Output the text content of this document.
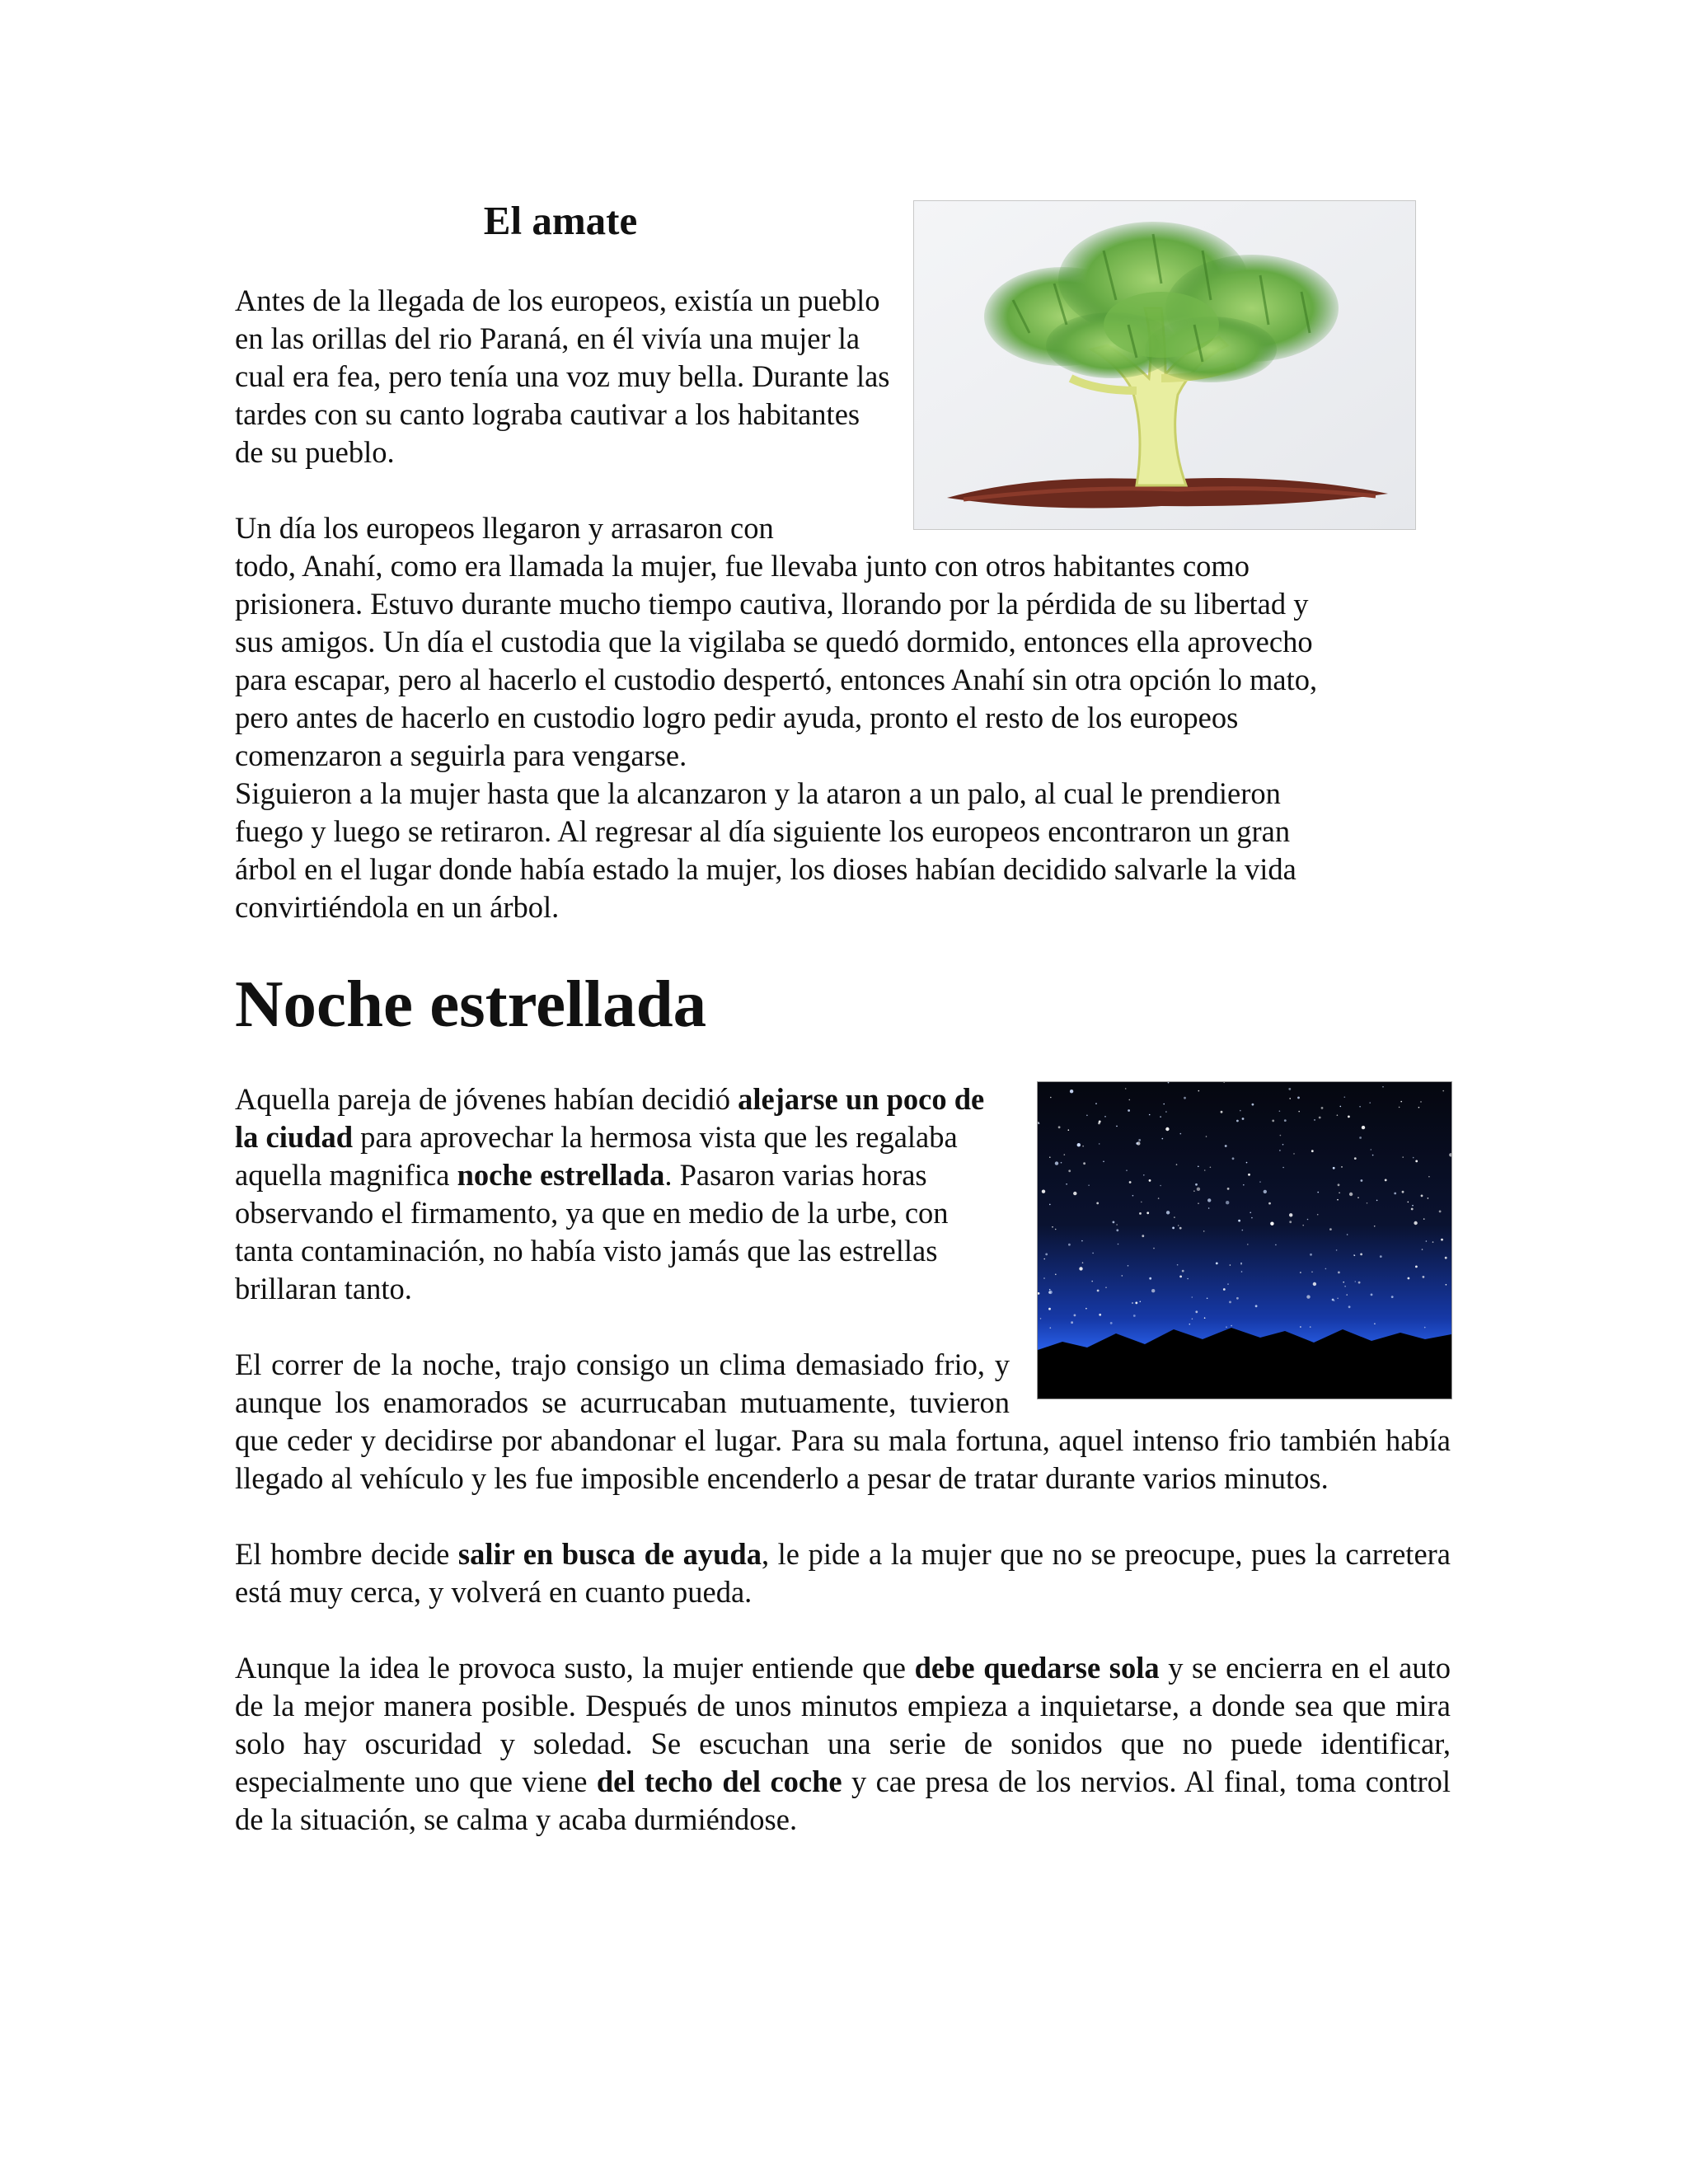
El amate

Antes de la llegada de los europeos, existía un pueblo en las orillas del rio Paraná, en él vivía una mujer la cual era fea, pero tenía una voz muy bella. Durante las tardes con su canto lograba cautivar a los habitantes de su pueblo.

Un día los europeos llegaron y arrasaron con
todo, Anahí, como era llamada la mujer, fue llevaba junto con otros habitantes como
prisionera. Estuvo durante mucho tiempo cautiva, llorando por la pérdida de su libertad y
sus amigos. Un día el custodia que la vigilaba se quedó dormido, entonces ella aprovecho
para escapar, pero al hacerlo el custodio despertó, entonces Anahí sin otra opción lo mato,
pero antes de hacerlo en custodio logro pedir ayuda, pronto el resto de los europeos
comenzaron a seguirla para vengarse.
Siguieron a la mujer hasta que la alcanzaron y la ataron a un palo, al cual le prendieron
fuego y luego se retiraron. Al regresar al día siguiente los europeos encontraron un gran
árbol en el lugar donde había estado la mujer, los dioses habían decidido salvarle la vida
convirtiéndola en un árbol.
Noche estrellada

Aquella pareja de jóvenes habían decidió alejarse un poco de la ciudad para aprovechar la hermosa vista que les regalaba aquella magnifica noche estrellada. Pasaron varias horas observando el firmamento, ya que en medio de la urbe, con tanta contaminación, no había visto jamás que las estrellas brillaran tanto.

El correr de la noche, trajo consigo un clima demasiado frio, y aunque los enamorados se acurrucaban mutuamente, tuvieron que ceder y decidirse por abandonar el lugar. Para su mala fortuna, aquel intenso frio también había llegado al vehículo y les fue imposible encenderlo a pesar de tratar durante varios minutos.

El hombre decide salir en busca de ayuda, le pide a la mujer que no se preocupe, pues la carretera está muy cerca, y volverá en cuanto pueda.

Aunque la idea le provoca susto, la mujer entiende que debe quedarse sola y se encierra en el auto de la mejor manera posible. Después de unos minutos empieza a inquietarse, a donde sea que mira solo hay oscuridad y soledad. Se escuchan una serie de sonidos que no puede identificar, especialmente uno que viene del techo del coche y cae presa de los nervios. Al final, toma control de la situación, se calma y acaba durmiéndose.
